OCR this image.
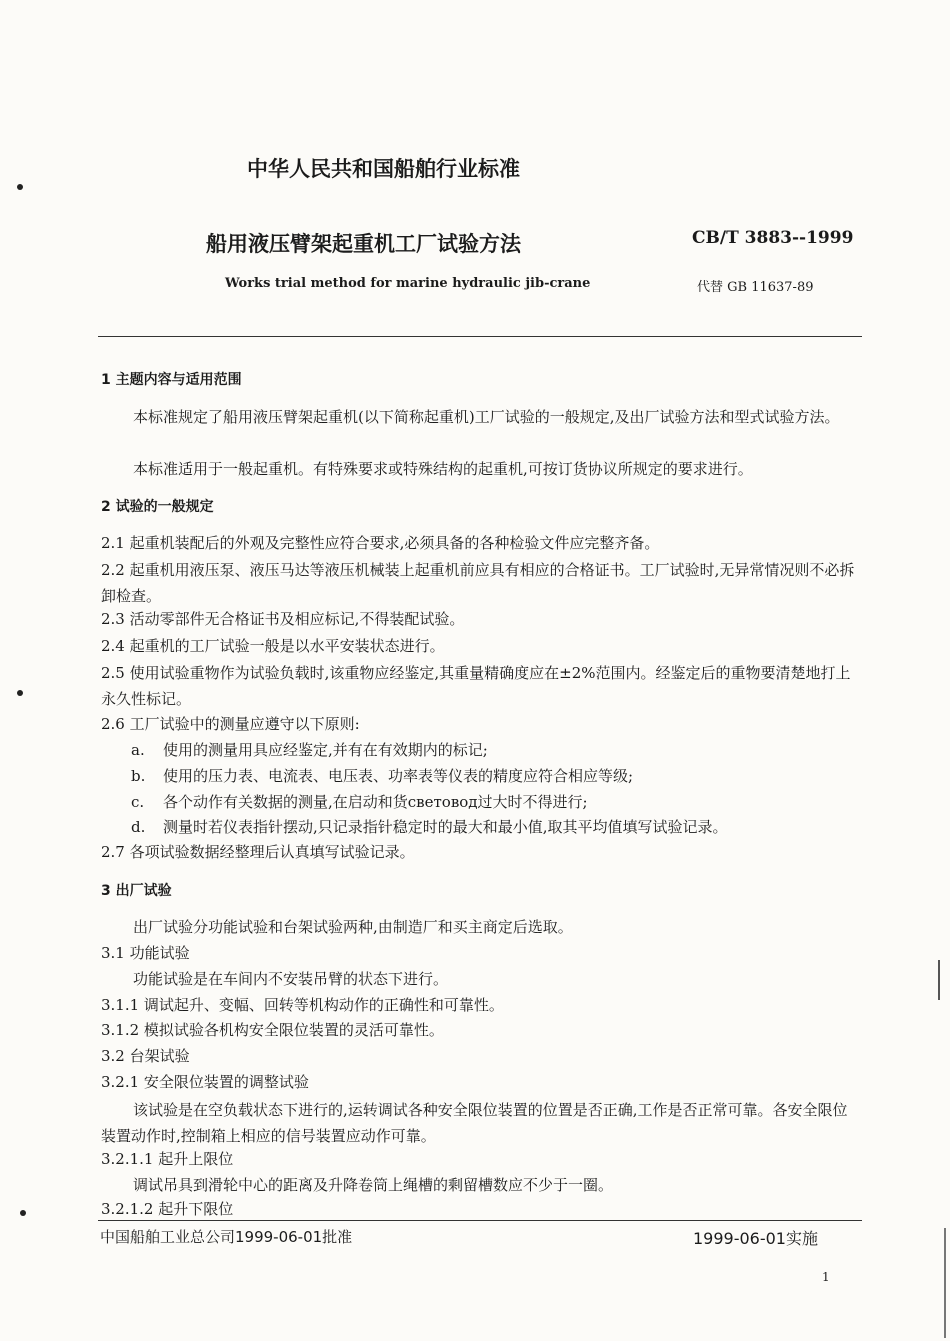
中华人民共和国船舶行业标准
船用液压臂架起重机工厂试验方法	CB/T 3883--1999
Works trial method for marine hydraulic jib-crane	代替 GB 11637-89
1 主题内容与适用范围
本标准规定了船用液压臂架起重机(以下简称起重机)工厂试验的一般规定,及出厂试验方法和型式试验方法。
本标准适用于一般起重机。有特殊要求或特殊结构的起重机,可按订货协议所规定的要求进行。
2 试验的一般规定
2.1 起重机装配后的外观及完整性应符合要求,必须具备的各种检验文件应完整齐备。
2.2 起重机用液压泵、液压马达等液压机械装上起重机前应具有相应的合格证书。工厂试验时,无异常情况则不必拆卸检查。
2.3 活动零部件无合格证书及相应标记,不得装配试验。
2.4 起重机的工厂试验一般是以水平安装状态进行。
2.5 使用试验重物作为试验负载时,该重物应经鉴定,其重量精确度应在±2%范围内。经鉴定后的重物要清楚地打上永久性标记。
2.6 工厂试验中的测量应遵守以下原则:
a. 使用的测量用具应经鉴定,并有在有效期内的标记;
b. 使用的压力表、电流表、电压表、功率表等仪表的精度应符合相应等级;
c. 各个动作有关数据的测量,在启动和货световод过大时不得进行;
d. 测量时若仪表指针摆动,只记录指针稳定时的最大和最小值,取其平均值填写试验记录。
2.7 各项试验数据经整理后认真填写试验记录。
3 出厂试验
出厂试验分功能试验和台架试验两种,由制造厂和买主商定后选取。
3.1 功能试验
功能试验是在车间内不安装吊臂的状态下进行。
3.1.1 调试起升、变幅、回转等机构动作的正确性和可靠性。
3.1.2 模拟试验各机构安全限位装置的灵活可靠性。
3.2 台架试验
3.2.1 安全限位装置的调整试验
该试验是在空负载状态下进行的,运转调试各种安全限位装置的位置是否正确,工作是否正常可靠。各安全限位装置动作时,控制箱上相应的信号装置应动作可靠。
3.2.1.1 起升上限位
调试吊具到滑轮中心的距离及升降卷筒上绳槽的剩留槽数应不少于一圈。
3.2.1.2 起升下限位
中国船舶工业总公司1999-06-01批准	1999-06-01实施
1
